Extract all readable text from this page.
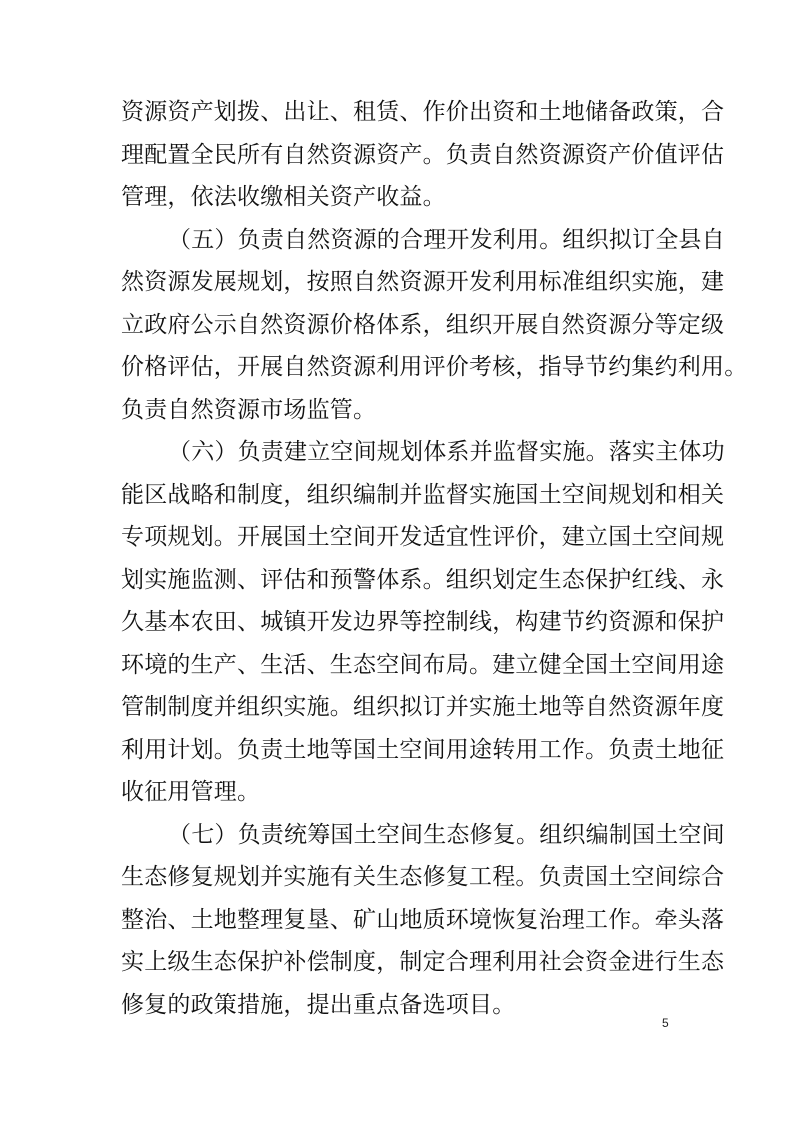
资源资产划拨、出让、租赁、作价出资和土地储备政策，合
理配置全民所有自然资源资产。负责自然资源资产价值评估
管理，依法收缴相关资产收益。
（五）负责自然资源的合理开发利用。组织拟订全县自
然资源发展规划，按照自然资源开发利用标准组织实施，建
立政府公示自然资源价格体系，组织开展自然资源分等定级
价格评估，开展自然资源利用评价考核，指导节约集约利用。
负责自然资源市场监管。
（六）负责建立空间规划体系并监督实施。落实主体功
能区战略和制度，组织编制并监督实施国土空间规划和相关
专项规划。开展国土空间开发适宜性评价，建立国土空间规
划实施监测、评估和预警体系。组织划定生态保护红线、永
久基本农田、城镇开发边界等控制线，构建节约资源和保护
环境的生产、生活、生态空间布局。建立健全国土空间用途
管制制度并组织实施。组织拟订并实施土地等自然资源年度
利用计划。负责土地等国土空间用途转用工作。负责土地征
收征用管理。
（七）负责统筹国土空间生态修复。组织编制国土空间
生态修复规划并实施有关生态修复工程。负责国土空间综合
整治、土地整理复垦、矿山地质环境恢复治理工作。牵头落
实上级生态保护补偿制度，制定合理利用社会资金进行生态
修复的政策措施，提出重点备选项目。
5
